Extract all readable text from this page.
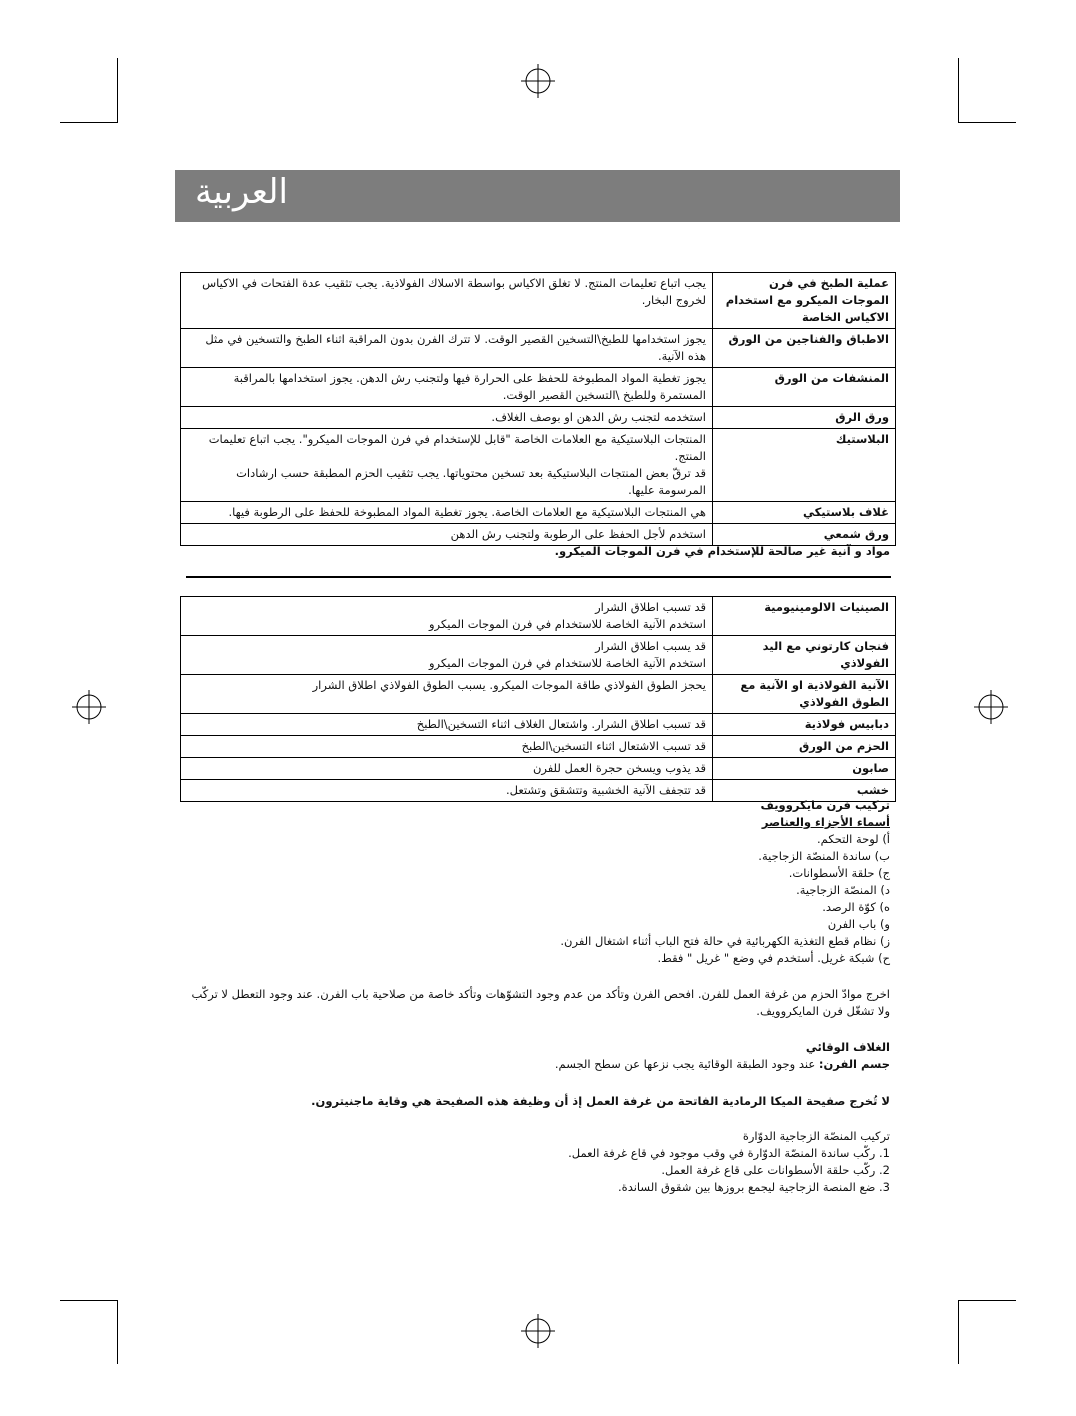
العربية
عملية الطبخ في فرن الموجات الميكرو مع استخدام الاكياس الخاصة	يجب اتباع تعليمات المنتج. لا تغلق الاكياس بواسطة الاسلاك الفولاذية. يجب تثقيب عدة الفتحات في الاكياس لخروج البخار.

الاطباق والفناجين من الورق	يجوز استخدامها للطبخ\التسخين القصير الوقت. لا تترك الفرن بدون المراقبة اثناء الطبخ والتسخين في مثل هذه الآنية.

المنشفات من الورق	يجوز تغطية المواد المطبوخة للحفظ على الحرارة فيها ولتجنب رش الدهن. يجوز استخدامها بالمراقبة المستمرة وللطبخ \التسخين القصير الوقت.

ورق الرق	استخدمه لتجنب رش الدهن او بوصف الغلاف.

البلاستيك	المنتجات البلاستيكية مع العلامات الخاصة "قابل للإستخدام في فرن الموجات الميكرو". يجب اتباع تعليمات المنتج.
قد ترقّ بعض المنتجات البلاستيكية بعد تسخين محتوياتها. يجب تثقيب الحزم المطبقة حسب ارشادات المرسومة عليها.

غلاف بلاستيكي	هي المنتجات البلاستيكية مع العلامات الخاصة. يجوز تغطية المواد المطبوخة للحفظ على الرطوبة فيها.

ورق شمعي	استخدم لأجل الحفظ على الرطوبة ولتجنب رش الدهن
مواد و آنية غير صالحة للإستخدام في فرن الموجات الميكرو.
الصينيات الالومينيومية	قد تسبب اطلاق الشرار
استخدم الآنية الخاصة للاستخدام في فرن الموجات الميكرو

فنجان كارتوني مع اليد الفولاذي	قد يسبب اطلاق الشرار
استخدم الآنية الخاصة للاستخدام في فرن الموجات الميكرو

الآنية الفولاذية او الآنية مع الطوق الفولاذي	يحجز الطوق الفولاذي طاقة الموجات الميكرو. يسبب الطوق الفولاذي اطلاق الشرار

دبابيس فولاذية	قد تسبب اطلاق الشرار. واشتعال الغلاف اثناء التسخين\الطبخ

الحزم من الورق	قد تسبب الاشتعال اثناء التسخين\الطبخ

صابون	قد يذوب ويسخن حجرة العمل للفرن

خشب	قد تتجفف الآنية الخشبية وتتشقق وتشتعل.
تركيب فرن مايكروويف
أسماء الأجزاء والعناصر
أ) لوحة التحكم.
ب) ساندة المنصّة الزجاجية.
ج) حلقة الأسطوانات.
د) المنصّة الزجاجية.
ه) كوّة الرصد.
و) باب الفرن
ز) نظام قطع التغذية الكهربائية في حالة فتح الباب أثناء اشتغال الفرن.
ح) شبكة غريل. أستخدم في وضع " غريل " فقط.
اخرج موادّ الحزم من غرفة العمل للفرن. افحص الفرن وتأكد من عدم وجود التشوّهات وتأكد خاصة من صلاحية باب الفرن. عند وجود التعطل لا تركّب ولا تشغّل فرن المايكروويف.
الغلاف الوقائي
جسم الفرن: عند وجود الطبقة الوقائية يجب نزعها عن سطح الجسم.
لا تُخرج صفيحة الميكا الرمادية الفاتحة من غرفة العمل إذ أن وظيفة هذه الصفيحة هي وقاية ماجنيترون.
تركيب المنصّة الزجاجية الدوّارة
1. ركّب ساندة المنصّة الدوّارة في وقب موجود في قاع غرفة العمل.
2. ركّب حلقة الأسطوانات على قاع غرفة العمل.
3. ضع المنصة الزجاجية ليجمع بروزها بين شقوق الساندة.
